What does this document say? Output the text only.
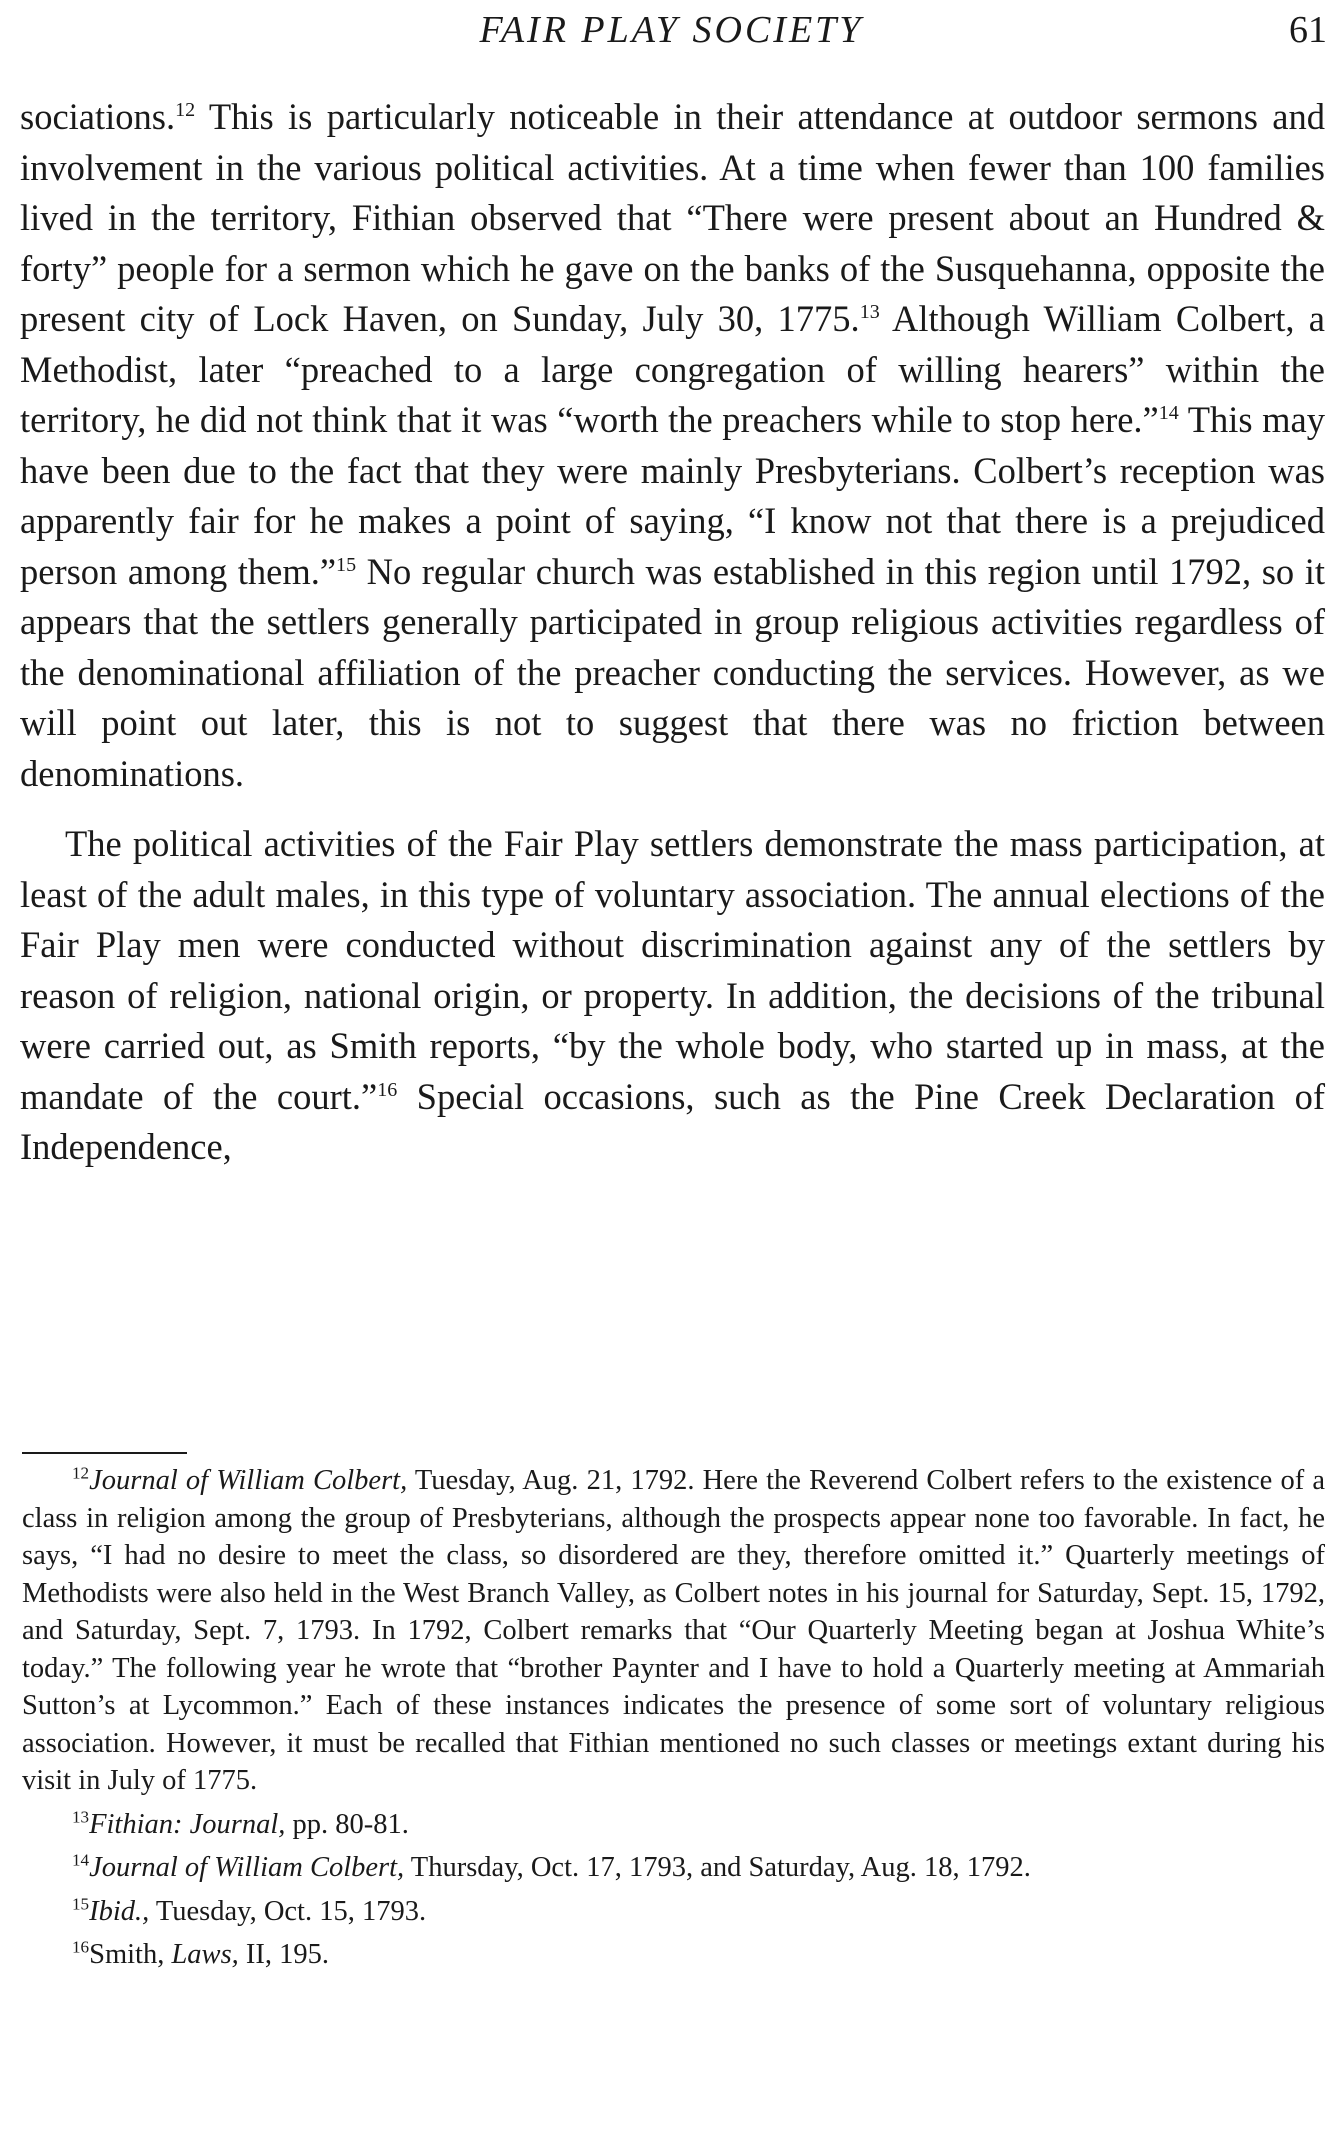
FAIR PLAY SOCIETY	61

sociations.$^{12}$ This is particularly noticeable in their attendance at outdoor sermons and involvement in the various political activities. At a time when fewer than 100 families lived in the territory, Fithian observed that “There were present about an Hundred & forty” people for a sermon which he gave on the banks of the Susquehanna, opposite the present city of Lock Haven, on Sunday, July 30, 1775.13 Although William Colbert, a Methodist, later “preached to a large congregation of willing hearers” within the territory, he did not think that it was “worth the preachers while to stop here.”$^{14}$ This may have been due to the fact that they were mainly Presbyterians. Colbert’s reception was apparently fair for he makes a point of saying, “I know not that there is a prejudiced person among them.”$^{15}$ No regular church was established in this region until 1792, so it appears that the settlers generally participated in group religious activities regardless of the denominational affiliation of the preacher conducting the services. However, as we will point out later, this is not to suggest that there was no friction between denominations.

The political activities of the Fair Play settlers demonstrate the mass participation, at least of the adult males, in this type of voluntary association. The annual elections of the Fair Play men were conducted without discrimination against any of the settlers by reason of religion, national origin, or property. In addition, the decisions of the tribunal were carried out, as Smith reports, “by the whole body, who started up in mass, at the mandate of the court.”$^{16}$ Special occasions, such as the Pine Creek Declaration of Independence,

$^{12}$Journal of William Colbert, Tuesday, Aug. 21, 1792. Here the Reverend Colbert refers to the existence of a class in religion among the group of Presbyterians, although the prospects appear none too favorable. In fact, he says, “I had no desire to meet the class, so disordered are they, therefore omitted it.” Quarterly meetings of Methodists were also held in the West Branch Valley, as Colbert notes in his journal for Saturday, Sept. 15, 1792, and Saturday, Sept. 7, 1793. In 1792, Colbert remarks that “Our Quarterly Meeting began at Joshua White’s today.” The following year he wrote that “brother Paynter and I have to hold a Quarterly meeting at Ammariah Sutton’s at Lycommon.” Each of these instances indicates the presence of some sort of voluntary religious association. However, it must be recalled that Fithian mentioned no such classes or meetings extant during his visit in July of 1775.

$^{13}$Fithian: Journal, pp. 80-81.

$^{14}$Journal of William Colbert, Thursday, Oct. 17, 1793, and Saturday, Aug. 18, 1792.

$^{15}$Ibid., Tuesday, Oct. 15, 1793.

$^{16}$Smith, Laws, II, 195.
